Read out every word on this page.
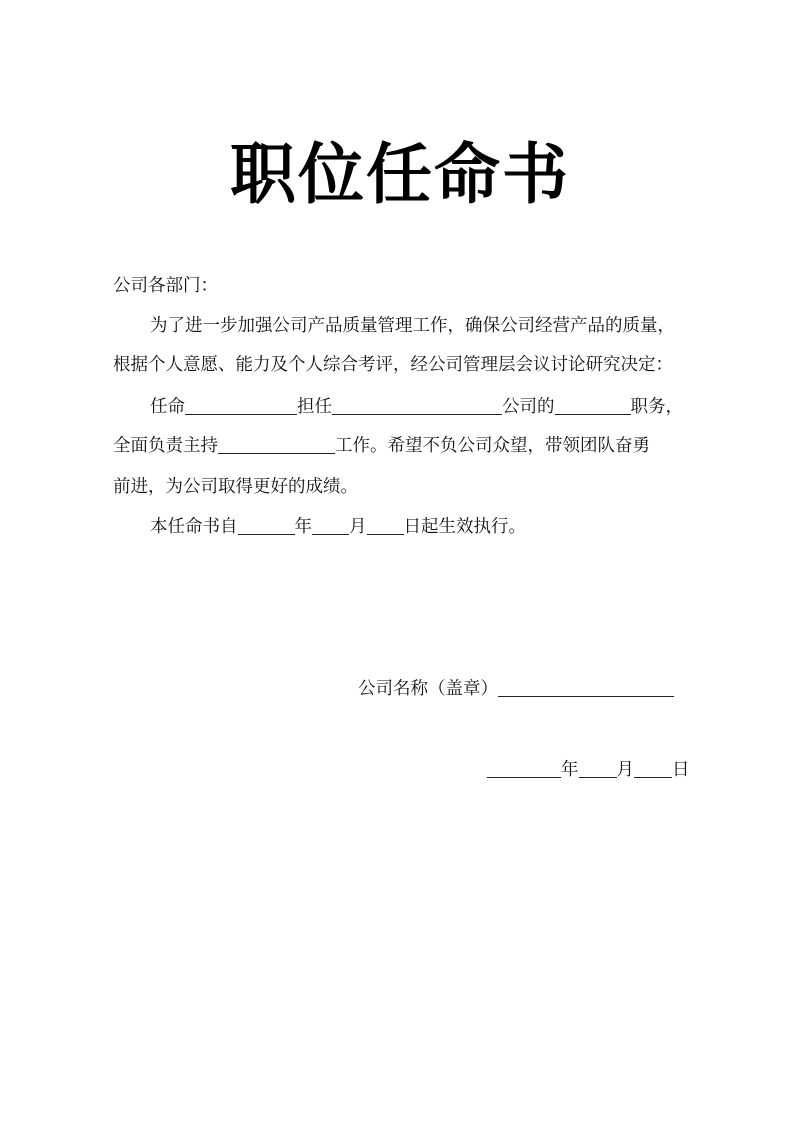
职位任命书
公司各部门：
为了进一步加强公司产品质量管理工作，确保公司经营产品的质量，
根据个人意愿、能力及个人综合考评，经公司管理层会议讨论研究决定：
任命	担任	公司的	职务，
全面负责主持	工作。希望不负公司众望，带领团队奋勇
前进，为公司取得更好的成绩。
本任命书自	年 月 日起生效执行。
公司名称（盖章）
年 月 日
